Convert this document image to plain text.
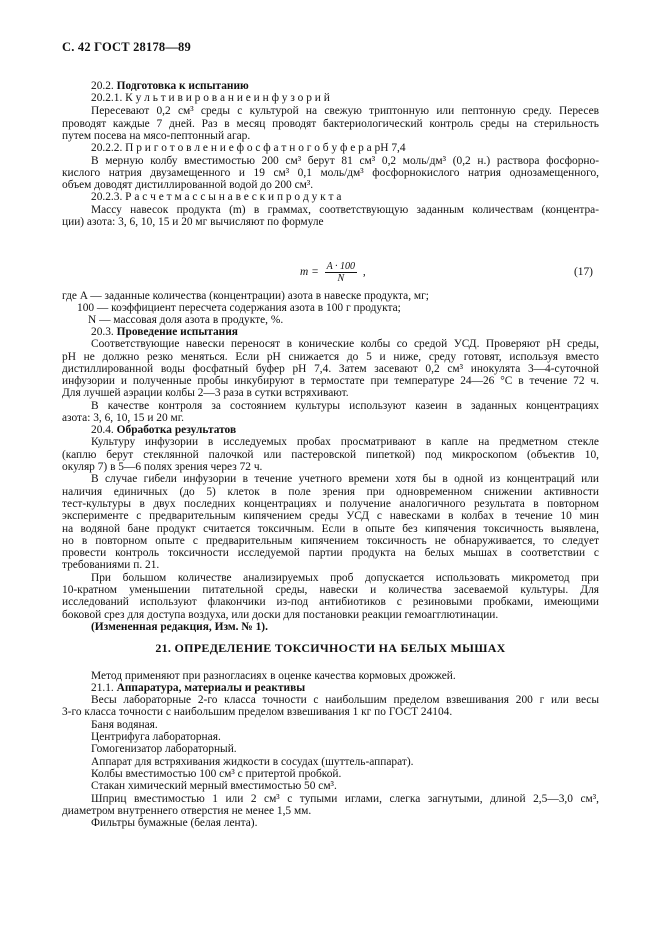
С. 42 ГОСТ 28178—89
20.2. Подготовка к испытанию
20.2.1. К у л ь т и в и р о в а н и е и н ф у з о р и й
Пересевают 0,2 см³ среды с культурой на свежую триптонную или пептонную среду. Пересев
проводят каждые 7 дней. Раз в месяц проводят бактериологический контроль среды на стерильность
путем посева на мясо-пептонный агар.
20.2.2. П р и г о т о в л е н и е ф о с ф а т н о г о б у ф е р а рН 7,4
В мерную колбу вместимостью 200 см³ берут 81 см³ 0,2 моль/дм³ (0,2 н.) раствора фосфорно-
кислого натрия двузамещенного и 19 см³ 0,1 моль/дм³ фосфорнокислого натрия однозамещенного,
объем доводят дистиллированной водой до 200 см³.
20.2.3. Р а с ч е т м а с с ы н а в е с к и п р о д у к т а
Массу навесок продукта (m) в граммах, соответствующую заданным количествам (концентра-
ции) азота: 3, 6, 10, 15 и 20 мг вычисляют по формуле
$m = \frac{A \cdot 100}{N}$ ,	(17)
где A — заданные количества (концентрации) азота в навеске продукта, мг;
100 — коэффициент пересчета содержания азота в 100 г продукта;
N — массовая доля азота в продукте, %.
20.3. Проведение испытания
Соответствующие навески переносят в конические колбы со средой УСД. Проверяют рН среды,
рН не должно резко меняться. Если рН снижается до 5 и ниже, среду готовят, используя вместо
дистиллированной воды фосфатный буфер рН 7,4. Затем засевают 0,2 см³ инокулята 3—4-суточной
инфузории и полученные пробы инкубируют в термостате при температуре 24—26 °С в течение 72 ч.
Для лучшей аэрации колбы 2—3 раза в сутки встряхивают.
В качестве контроля за состоянием культуры используют казеин в заданных концентрациях
азота: 3, 6, 10, 15 и 20 мг.
20.4. Обработка результатов
Культуру инфузории в исследуемых пробах просматривают в капле на предметном стекле
(каплю берут стеклянной палочкой или пастеровской пипеткой) под микроскопом (объектив 10,
окуляр 7) в 5—6 полях зрения через 72 ч.
В случае гибели инфузории в течение учетного времени хотя бы в одной из концентраций или
наличия единичных (до 5) клеток в поле зрения при одновременном снижении активности
тест-культуры в двух последних концентрациях и получение аналогичного результата в повторном
эксперименте с предварительным кипячением среды УСД с навесками в колбах в течение 10 мин
на водяной бане продукт считается токсичным. Если в опыте без кипячения токсичность выявлена,
но в повторном опыте с предварительным кипячением токсичность не обнаруживается, то следует
провести контроль токсичности исследуемой партии продукта на белых мышах в соответствии с
требованиями п. 21.
При большом количестве анализируемых проб допускается использовать микрометод при
10-кратном уменьшении питательной среды, навески и количества засеваемой культуры. Для
исследований используют флакончики из-под антибиотиков с резиновыми пробками, имеющими
боковой срез для доступа воздуха, или доски для постановки реакции гемоагглютинации.
(Измененная редакция, Изм. № 1).
21. ОПРЕДЕЛЕНИЕ ТОКСИЧНОСТИ НА БЕЛЫХ МЫШАХ
Метод применяют при разногласиях в оценке качества кормовых дрожжей.
21.1. Аппаратура, материалы и реактивы
Весы лабораторные 2-го класса точности с наибольшим пределом взвешивания 200 г или весы
3-го класса точности с наибольшим пределом взвешивания 1 кг по ГОСТ 24104.
Баня водяная.
Центрифуга лабораторная.
Гомогенизатор лабораторный.
Аппарат для встряхивания жидкости в сосудах (шуттель-аппарат).
Колбы вместимостью 100 см³ с притертой пробкой.
Стакан химический мерный вместимостью 50 см³.
Шприц вместимостью 1 или 2 см³ с тупыми иглами, слегка загнутыми, длиной 2,5—3,0 см³,
диаметром внутреннего отверстия не менее 1,5 мм.
Фильтры бумажные (белая лента).
